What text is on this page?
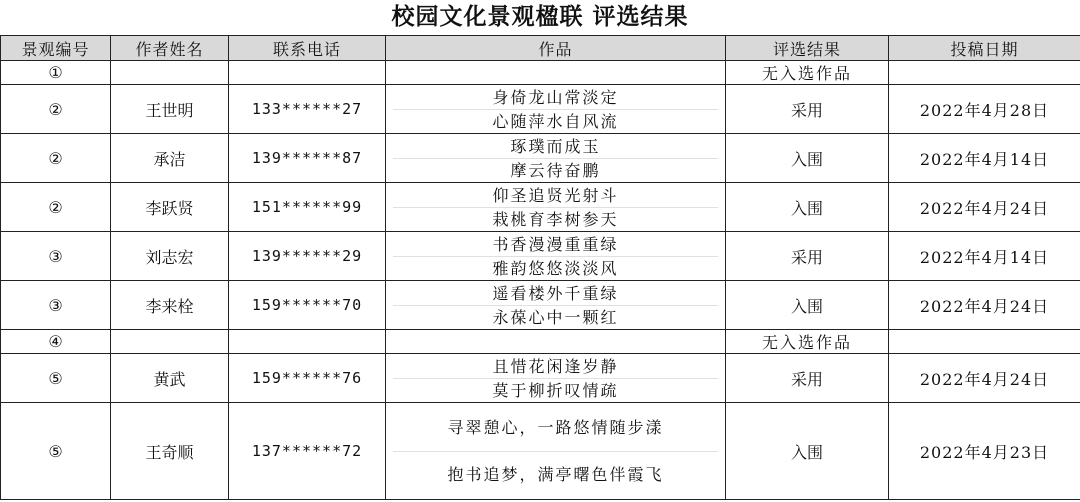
校园文化景观楹联 评选结果
景观编号	作者姓名	联系电话	作品	评选结果	投稿日期
①				无入选作品	
②	王世明	133******27	身倚龙山常淡定
心随萍水自风流	采用	2022年4月28日
②	承洁	139******87	琢璞而成玉
摩云待奋鹏	入围	2022年4月14日
②	李跃贤	151******99	仰圣追贤光射斗
栽桃育李树参天	入围	2022年4月24日
③	刘志宏	139******29	书香漫漫重重绿
雅韵悠悠淡淡风	采用	2022年4月14日
③	李来栓	159******70	遥看楼外千重绿
永葆心中一颗红	入围	2022年4月24日
④				无入选作品	
⑤	黄武	159******76	且惜花闲逢岁静
莫于柳折叹情疏	采用	2022年4月24日
⑤	王奇顺	137******72	寻翠憩心，一路悠情随步漾
抱书追梦，满亭曙色伴霞飞	入围	2022年4月23日
